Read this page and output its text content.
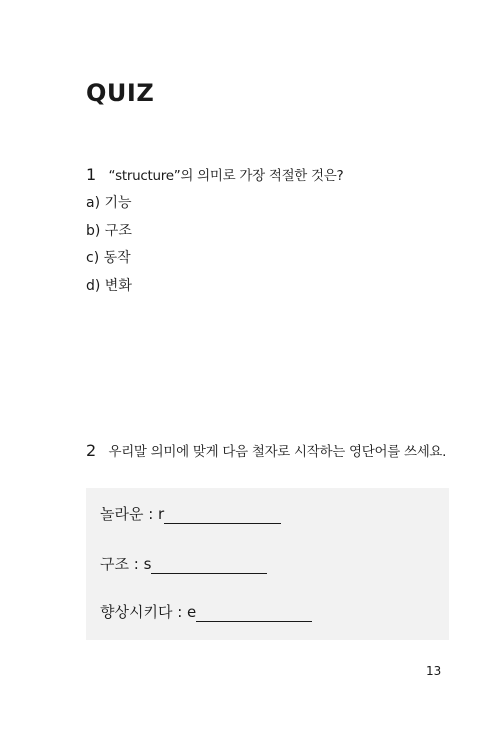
QUIZ
1 “structure”의 의미로 가장 적절한 것은?
a) 기능
b) 구조
c) 동작
d) 변화
2 우리말 의미에 맞게 다음 철자로 시작하는 영단어를 쓰세요.
놀라운 : r
구조 : s
향상시키다 : e
13
